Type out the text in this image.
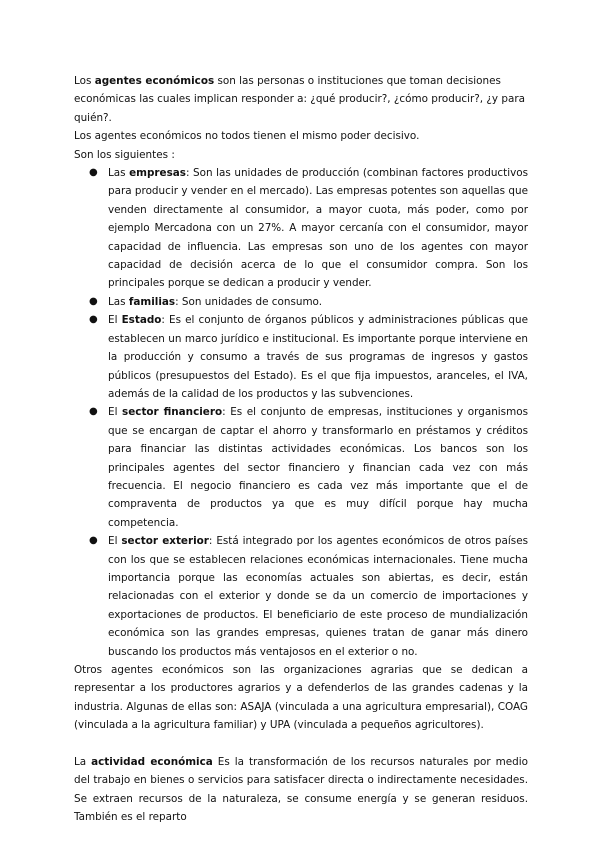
Los agentes económicos son las personas o instituciones que toman decisiones económicas las cuales implican responder a: ¿qué producir?, ¿cómo producir?, ¿y para quién?.

Los agentes económicos no todos tienen el mismo poder decisivo.

Son los siguientes :

● Las empresas: Son las unidades de producción (combinan factores productivos para producir y vender en el mercado). Las empresas potentes son aquellas que venden directamente al consumidor, a mayor cuota, más poder, como por ejemplo Mercadona con un 27%. A mayor cercanía con el consumidor, mayor capacidad de influencia. Las empresas son uno de los agentes con mayor capacidad de decisión acerca de lo que el consumidor compra. Son los principales porque se dedican a producir y vender.
● Las familias: Son unidades de consumo.
● El Estado: Es el conjunto de órganos públicos y administraciones públicas que establecen un marco jurídico e institucional. Es importante porque interviene en la producción y consumo a través de sus programas de ingresos y gastos públicos (presupuestos del Estado). Es el que fija impuestos, aranceles, el IVA, además de la calidad de los productos y las subvenciones.
● El sector financiero: Es el conjunto de empresas, instituciones y organismos que se encargan de captar el ahorro y transformarlo en préstamos y créditos para financiar las distintas actividades económicas. Los bancos son los principales agentes del sector financiero y financian cada vez con más frecuencia. El negocio financiero es cada vez más importante que el de compraventa de productos ya que es muy difícil porque hay mucha competencia.
● El sector exterior: Está integrado por los agentes económicos de otros países con los que se establecen relaciones económicas internacionales. Tiene mucha importancia porque las economías actuales son abiertas, es decir, están relacionadas con el exterior y donde se da un comercio de importaciones y exportaciones de productos. El beneficiario de este proceso de mundialización económica son las grandes empresas, quienes tratan de ganar más dinero buscando los productos más ventajosos en el exterior o no.

Otros agentes económicos son las organizaciones agrarias que se dedican a representar a los productores agrarios y a defenderlos de las grandes cadenas y la industria. Algunas de ellas son: ASAJA (vinculada a una agricultura empresarial), COAG (vinculada a la agricultura familiar) y UPA (vinculada a pequeños agricultores).

La actividad económica Es la transformación de los recursos naturales por medio del trabajo en bienes o servicios para satisfacer directa o indirectamente necesidades. Se extraen recursos de la naturaleza, se consume energía y se generan residuos. También es el reparto
